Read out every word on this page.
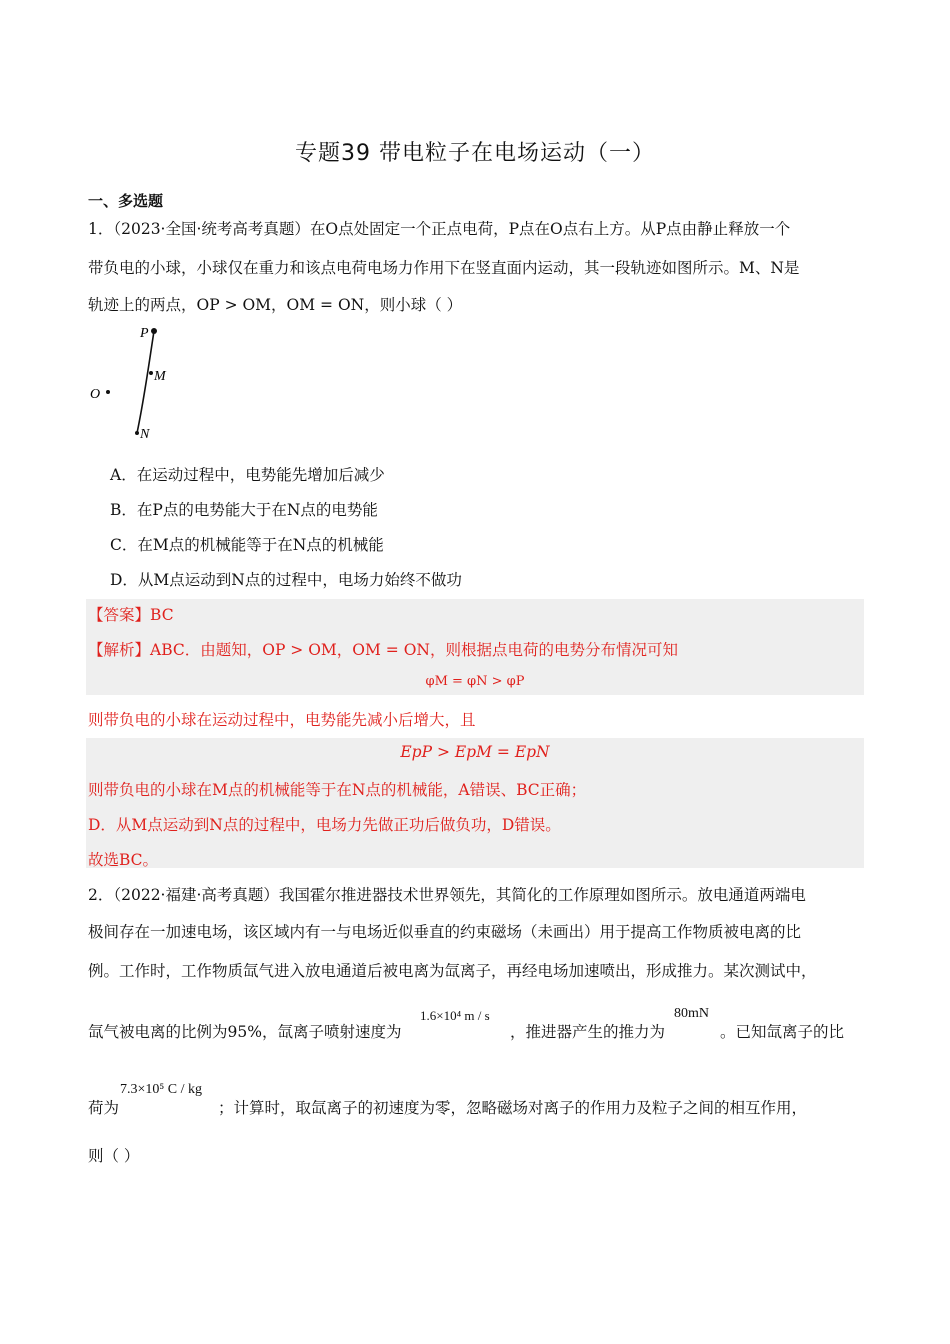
专题39 带电粒子在电场运动（一）
一、多选题
1．（2023·全国·统考高考真题）在O点处固定一个正点电荷，P点在O点右上方。从P点由静止释放一个
带负电的小球，小球仅在重力和该点电荷电场力作用下在竖直面内运动，其一段轨迹如图所示。M、N是
轨迹上的两点，OP > OM，OM = ON，则小球（ ）
P
M
O
N
A．在运动过程中，电势能先增加后减少
B．在P点的电势能大于在N点的电势能
C．在M点的机械能等于在N点的机械能
D．从M点运动到N点的过程中，电场力始终不做功
【答案】BC
【解析】ABC．由题知，OP > OM，OM = ON，则根据点电荷的电势分布情况可知
φM = φN > φP
则带负电的小球在运动过程中，电势能先减小后增大，且
EpP > EpM = EpN
则带负电的小球在M点的机械能等于在N点的机械能，A错误、BC正确；
D．从M点运动到N点的过程中，电场力先做正功后做负功，D错误。
故选BC。
2．（2022·福建·高考真题）我国霍尔推进器技术世界领先，其简化的工作原理如图所示。放电通道两端电
极间存在一加速电场，该区域内有一与电场近似垂直的约束磁场（未画出）用于提高工作物质被电离的比
例。工作时，工作物质氙气进入放电通道后被电离为氙离子，再经电场加速喷出，形成推力。某次测试中，
氙气被电离的比例为95%，氙离子喷射速度为
1.6×10⁴ m / s
，推进器产生的推力为
80mN
。已知氙离子的比
荷为
7.3×10⁵ C / kg
；计算时，取氙离子的初速度为零，忽略磁场对离子的作用力及粒子之间的相互作用，
则（ ）
